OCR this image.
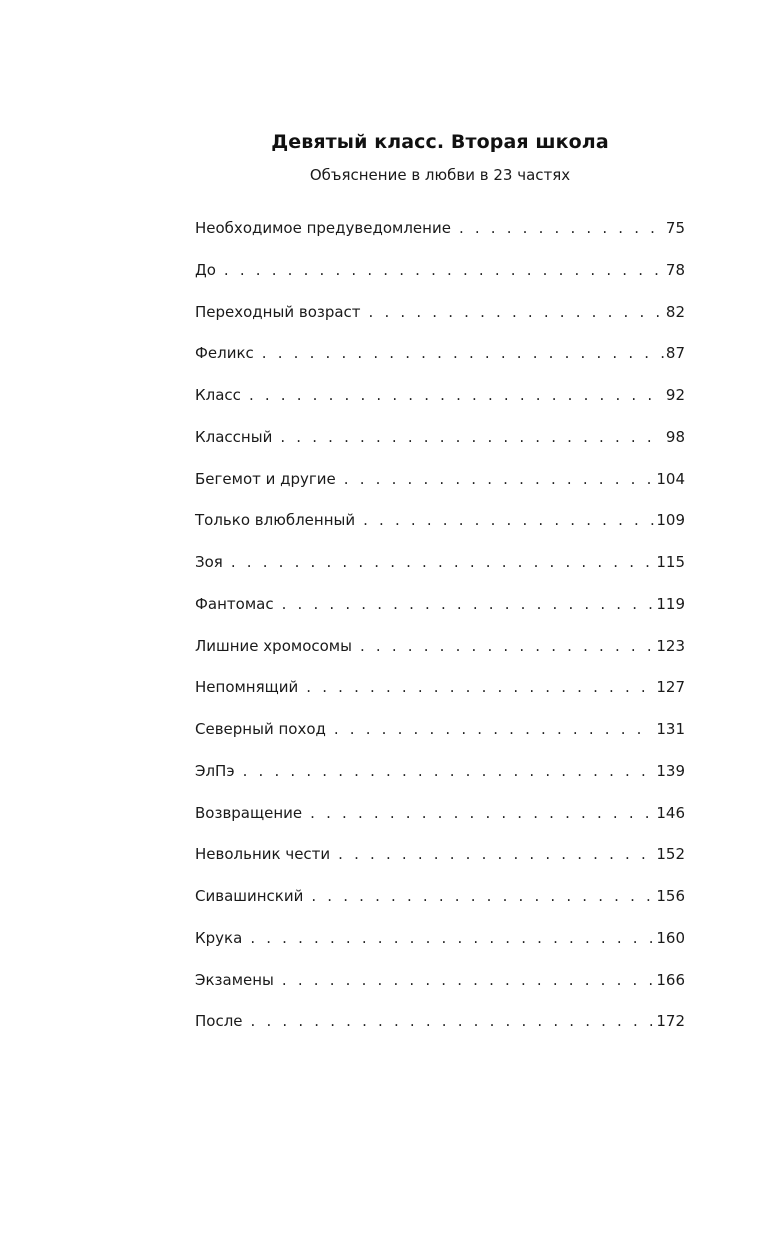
Девятый класс. Вторая школа

Объяснение в любви в 23 частях

Необходимое предуведомление . . .	75
До . . .	78
Переходный возраст . . .	82
Феликс . . .	87
Класс . . .	92
Классный . . .	98
Бегемот и другие . . .	104
Только влюбленный . . .	109
Зоя . . .	115
Фантомас . . .	119
Лишние хромосомы . . .	123
Непомнящий . . .	127
Северный поход . . .	131
ЭлПэ . . .	139
Возвращение . . .	146
Невольник чести . . .	152
Сивашинский . . .	156
Крука . . .	160
Экзамены . . .	166
После . . .	172
